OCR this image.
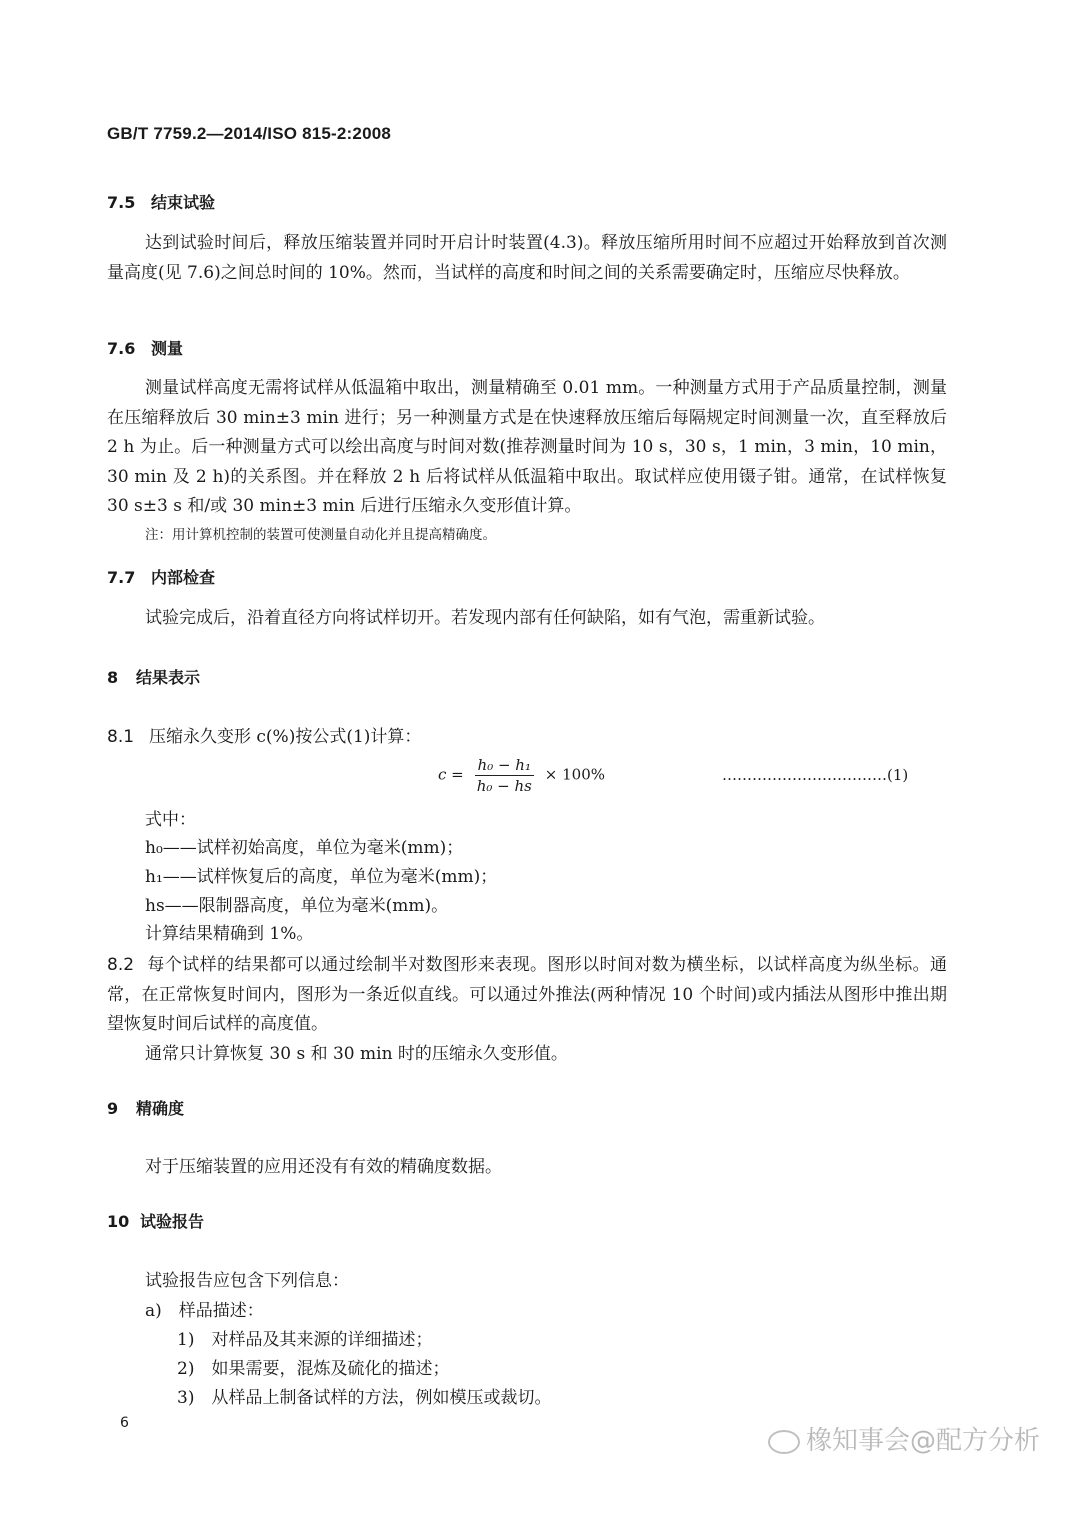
GB/T 7759.2—2014/ISO 815-2:2008
7.5 结束试验
达到试验时间后，释放压缩装置并同时开启计时装置(4.3)。释放压缩所用时间不应超过开始释放到首次测量高度(见 7.6)之间总时间的 10%。然而，当试样的高度和时间之间的关系需要确定时，压缩应尽快释放。
7.6 测量
测量试样高度无需将试样从低温箱中取出，测量精确至 0.01 mm。一种测量方式用于产品质量控制，测量在压缩释放后 30 min±3 min 进行；另一种测量方式是在快速释放压缩后每隔规定时间测量一次，直至释放后 2 h 为止。后一种测量方式可以绘出高度与时间对数(推荐测量时间为 10 s，30 s，1 min，3 min，10 min，30 min 及 2 h)的关系图。并在释放 2 h 后将试样从低温箱中取出。取试样应使用镊子钳。通常，在试样恢复 30 s±3 s 和/或 30 min±3 min 后进行压缩永久变形值计算。
注：用计算机控制的装置可使测量自动化并且提高精确度。
7.7 内部检查
试验完成后，沿着直径方向将试样切开。若发现内部有任何缺陷，如有气泡，需重新试验。
8 结果表示
8.1 压缩永久变形 c(%)按公式(1)计算：
$c = \frac{\text{h₀ − h₁}}{\text{h₀ − hs}} \times 100\%$	……………………………(1)
式中：
h₀——试样初始高度，单位为毫米(mm)；
h₁——试样恢复后的高度，单位为毫米(mm)；
hs——限制器高度，单位为毫米(mm)。
计算结果精确到 1%。
8.2 每个试样的结果都可以通过绘制半对数图形来表现。图形以时间对数为横坐标，以试样高度为纵坐标。通常，在正常恢复时间内，图形为一条近似直线。可以通过外推法(两种情况 10 个时间)或内插法从图形中推出期望恢复时间后试样的高度值。
通常只计算恢复 30 s 和 30 min 时的压缩永久变形值。
9 精确度
对于压缩装置的应用还没有有效的精确度数据。
10 试验报告
试验报告应包含下列信息：
a)　样品描述：
1)　对样品及其来源的详细描述；
2)　如果需要，混炼及硫化的描述；
3)　从样品上制备试样的方法，例如模压或裁切。
6
橡知事会@配方分析
